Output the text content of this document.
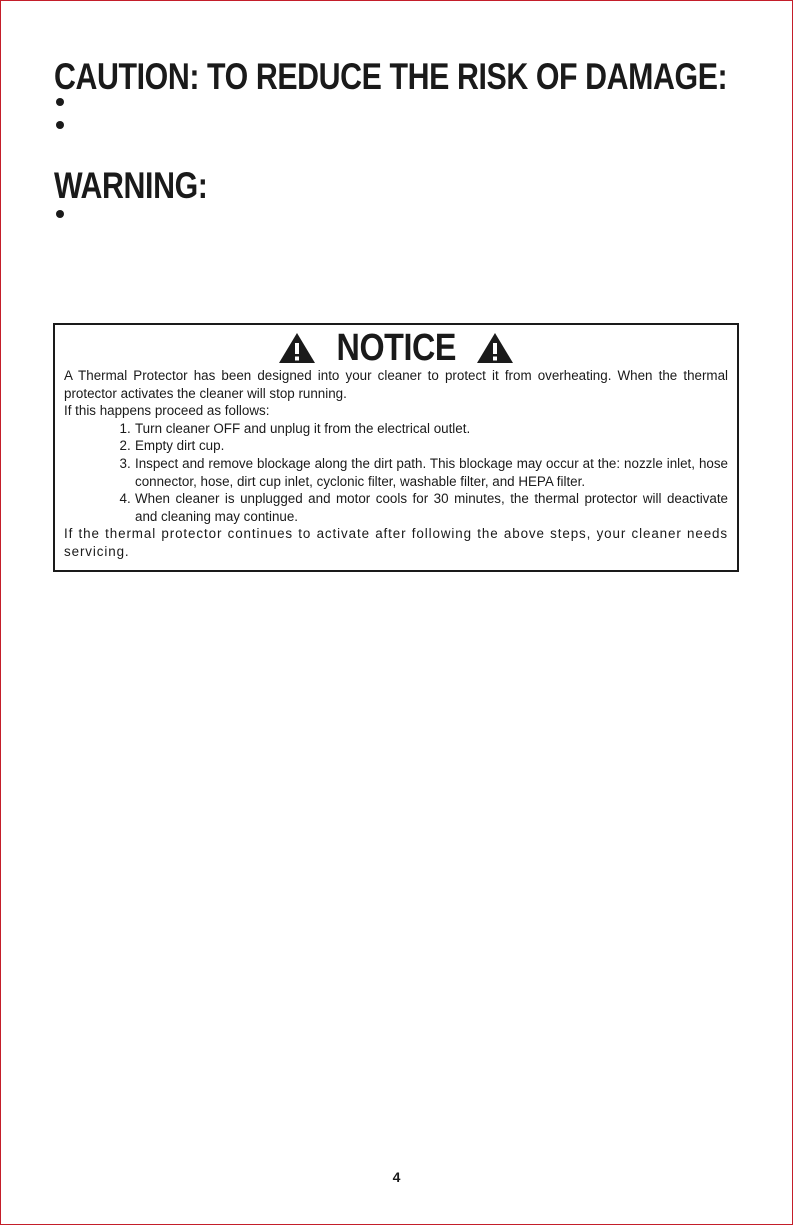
CAUTION: TO REDUCE THE RISK OF DAMAGE:
WARNING:
NOTICE

A Thermal Protector has been designed into your cleaner to protect it from overheating. When the thermal protector activates the cleaner will stop running.

If this happens proceed as follows:

1 . Turn cleaner OFF and unplug it from the electrical outlet.
2 . Empty dirt cup.
3 . Inspect and remove blockage along the dirt path. This blockage may occur at the: nozzle inlet, hose connector, hose, dirt cup inlet, cyclonic filter, washable filter, and HEPA filter.
4 . When cleaner is unplugged and motor cools for 30 minutes, the thermal protector will deactivate and cleaning may continue.

If the thermal protector continues to activate after following the above steps, your cleaner needs servicing.

4
